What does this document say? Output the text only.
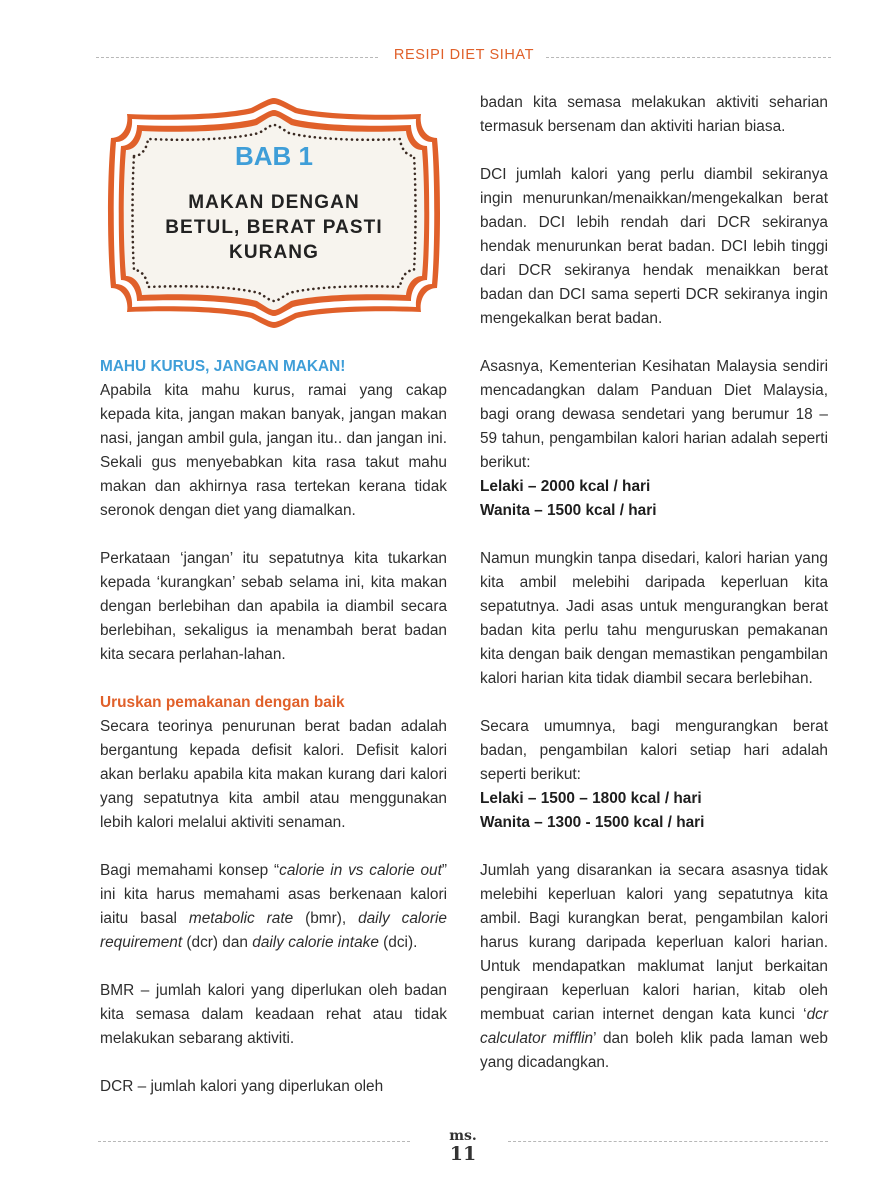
RESIPI DIET SIHAT
BAB 1
MAKAN DENGAN
BETUL, BERAT PASTI
KURANG
MAHU KURUS, JANGAN MAKAN!

Apabila kita mahu kurus, ramai yang cakap kepada kita, jangan makan banyak, jangan makan nasi, jangan ambil gula, jangan itu.. dan jangan ini. Sekali gus menyebabkan kita rasa takut mahu makan dan akhirnya rasa tertekan kerana tidak seronok dengan diet yang diamalkan.

Perkataan ‘jangan’ itu sepatutnya kita tukarkan kepada ‘kurangkan’ sebab selama ini, kita makan dengan berlebihan dan apabila ia diambil secara berlebihan, sekaligus ia menambah berat badan kita secara perlahan-lahan.

Uruskan pemakanan dengan baik

Secara teorinya penurunan berat badan adalah bergantung kepada defisit kalori. Defisit kalori akan berlaku apabila kita makan kurang dari kalori yang sepatutnya kita ambil atau menggunakan lebih kalori melalui aktiviti senaman.

Bagi memahami konsep “calorie in vs calorie out” ini kita harus memahami asas berkenaan kalori iaitu basal metabolic rate (bmr), daily calorie requirement (dcr) dan daily calorie intake (dci).

BMR – jumlah kalori yang diperlukan oleh badan kita semasa dalam keadaan rehat atau tidak melakukan sebarang aktiviti.

DCR – jumlah kalori yang diperlukan oleh

badan kita semasa melakukan aktiviti seharian termasuk bersenam dan aktiviti harian biasa.

DCI jumlah kalori yang perlu diambil sekiranya ingin menurunkan/menaikkan/mengekalkan berat badan. DCI lebih rendah dari DCR sekiranya hendak menurunkan berat badan. DCI lebih tinggi dari DCR sekiranya hendak menaikkan berat badan dan DCI sama seperti DCR sekiranya ingin mengekalkan berat badan.

Asasnya, Kementerian Kesihatan Malaysia sendiri mencadangkan dalam Panduan Diet Malaysia, bagi orang dewasa sendetari yang berumur 18 – 59 tahun, pengambilan kalori harian adalah seperti berikut:

Lelaki – 2000 kcal / hari
Wanita – 1500 kcal / hari

Namun mungkin tanpa disedari, kalori harian yang kita ambil melebihi daripada keperluan kita sepatutnya. Jadi asas untuk mengurangkan berat badan kita perlu tahu menguruskan pemakanan kita dengan baik dengan memastikan pengambilan kalori harian kita tidak diambil secara berlebihan.

Secara umumnya, bagi mengurangkan berat badan, pengambilan kalori setiap hari adalah seperti berikut:

Lelaki – 1500 – 1800 kcal / hari
Wanita – 1300 - 1500 kcal / hari

Jumlah yang disarankan ia secara asasnya tidak melebihi keperluan kalori yang sepatutnya kita ambil. Bagi kurangkan berat, pengambilan kalori harus kurang daripada keperluan kalori harian. Untuk mendapatkan maklumat lanjut berkaitan pengiraan keperluan kalori harian, kitab oleh membuat carian internet dengan kata kunci ‘dcr calculator mifflin’ dan boleh klik pada laman web yang dicadangkan.

ms.
11
